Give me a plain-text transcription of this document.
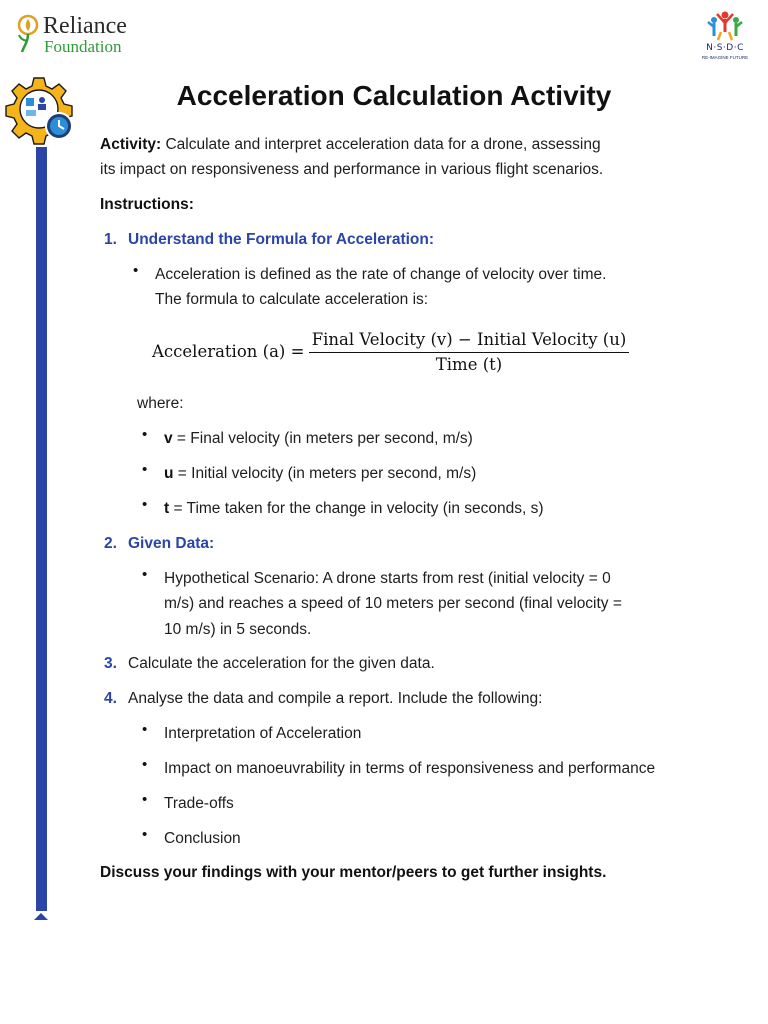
Reliance
Foundation	N·S·D·C
RE-IMAGINE FUTURE
Acceleration Calculation Activity
Activity: Calculate and interpret acceleration data for a drone, assessing
its impact on responsiveness and performance in various flight scenarios.
Instructions:
1. Understand the Formula for Acceleration:
• Acceleration is defined as the rate of change of velocity over time.
The formula to calculate acceleration is:
Acceleration (a) =
Final Velocity (v) − Initial Velocity (u)
Time (t)
where:
• v = Final velocity (in meters per second, m/s)
• u = Initial velocity (in meters per second, m/s)
• t = Time taken for the change in velocity (in seconds, s)
2. Given Data:
• Hypothetical Scenario: A drone starts from rest (initial velocity = 0
m/s) and reaches a speed of 10 meters per second (final velocity =
10 m/s) in 5 seconds.
3. Calculate the acceleration for the given data.
4. Analyse the data and compile a report. Include the following:
• Interpretation of Acceleration
• Impact on manoeuvrability in terms of responsiveness and performance
• Trade-offs
• Conclusion
Discuss your findings with your mentor/peers to get further insights.
